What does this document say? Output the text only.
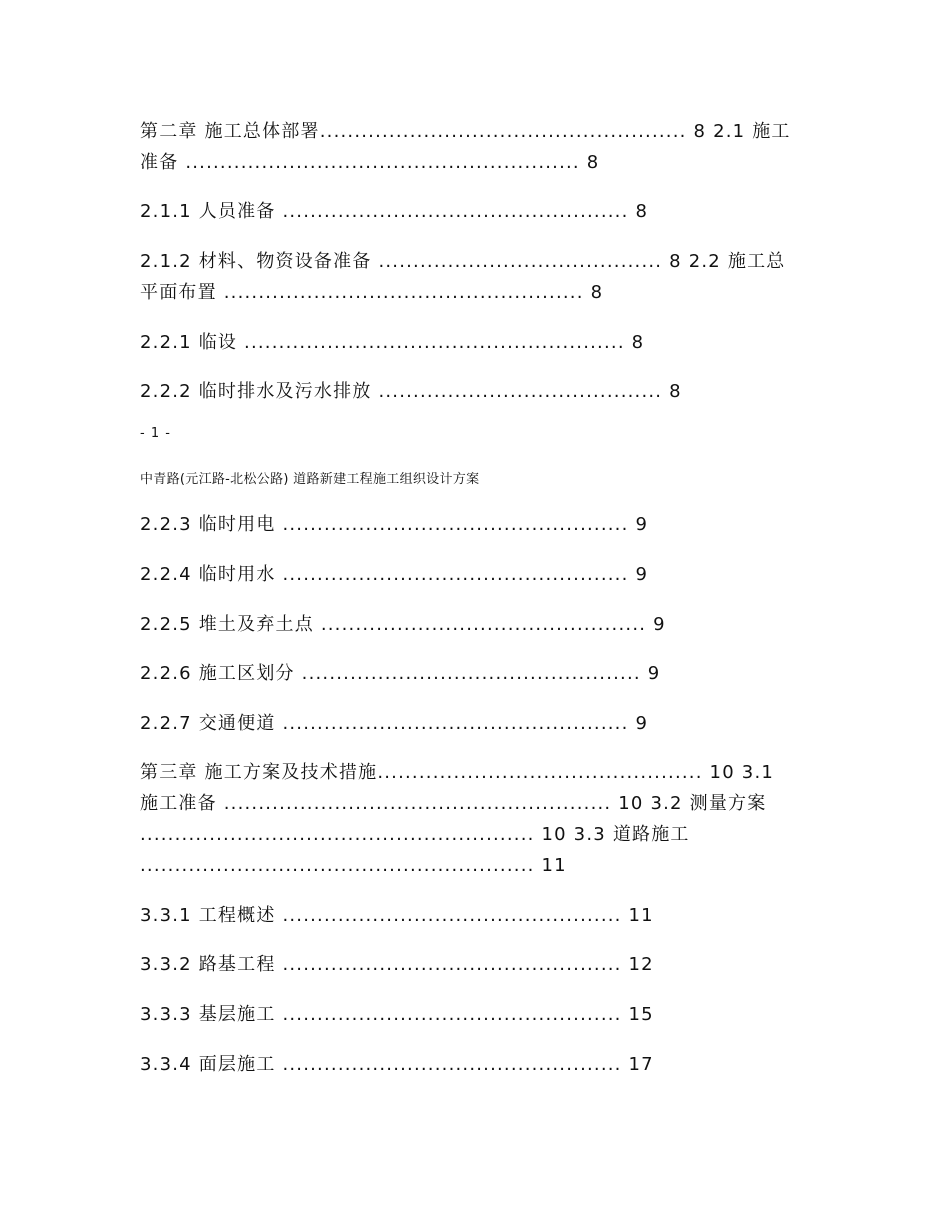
第二章 施工总体部署..................................................... 8 2.1 施工
准备 ......................................................... 8
2.1.1 人员准备 .................................................. 8
2.1.2 材料、物资设备准备 ......................................... 8 2.2 施工总
平面布置 .................................................... 8
2.2.1 临设 ....................................................... 8
2.2.2 临时排水及污水排放 ......................................... 8
- 1 -
中青路(元江路-北松公路) 道路新建工程施工组织设计方案
2.2.3 临时用电 .................................................. 9
2.2.4 临时用水 .................................................. 9
2.2.5 堆土及弃土点 ............................................... 9
2.2.6 施工区划分 ................................................. 9
2.2.7 交通便道 .................................................. 9
第三章 施工方案及技术措施............................................... 10 3.1
施工准备 ........................................................ 10 3.2 测量方案
......................................................... 10 3.3 道路施工
......................................................... 11
3.3.1 工程概述 ................................................. 11
3.3.2 路基工程 ................................................. 12
3.3.3 基层施工 ................................................. 15
3.3.4 面层施工 ................................................. 17
